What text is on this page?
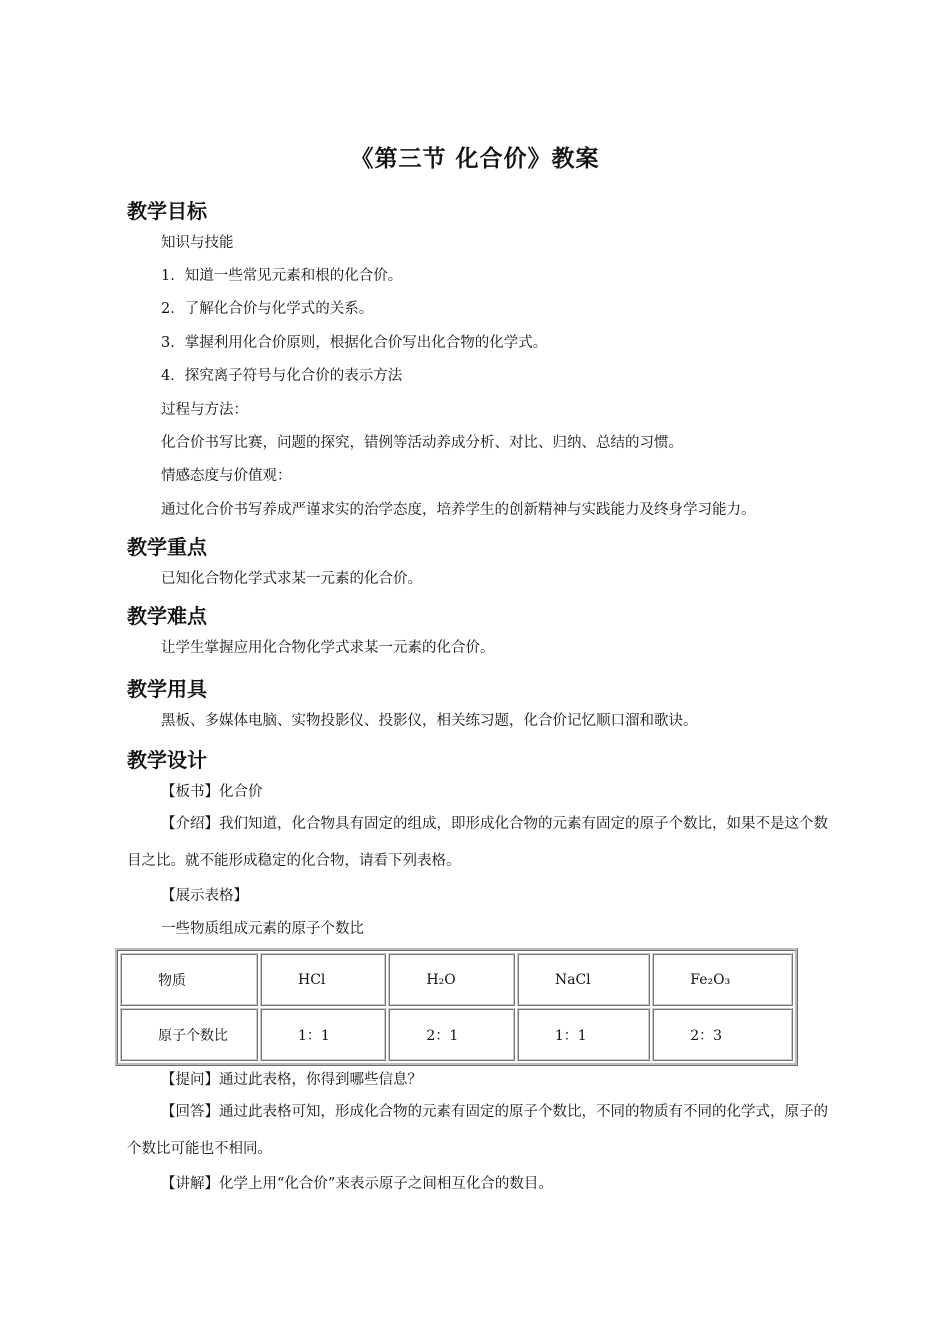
《第三节 化合价》教案
教学目标
知识与技能
1．知道一些常见元素和根的化合价。
2．了解化合价与化学式的关系。
3．掌握利用化合价原则，根据化合价写出化合物的化学式。
4．探究离子符号与化合价的表示方法
过程与方法：
化合价书写比赛，问题的探究，错例等活动养成分析、对比、归纳、总结的习惯。
情感态度与价值观：
通过化合价书写养成严谨求实的治学态度，培养学生的创新精神与实践能力及终身学习能力。
教学重点
已知化合物化学式求某一元素的化合价。
教学难点
让学生掌握应用化合物化学式求某一元素的化合价。
教学用具
黑板、多媒体电脑、实物投影仪、投影仪，相关练习题，化合价记忆顺口溜和歌诀。
教学设计
【板书】化合价
【介绍】我们知道，化合物具有固定的组成，即形成化合物的元素有固定的原子个数比，如果不是这个数目之比。就不能形成稳定的化合物，请看下列表格。
【展示表格】
一些物质组成元素的原子个数比
物质	HCl	H₂O	NaCl	Fe₂O₃
原子个数比	1：1	2：1	1：1	2：3
【提问】通过此表格，你得到哪些信息？
【回答】通过此表格可知，形成化合物的元素有固定的原子个数比，不同的物质有不同的化学式，原子的个数比可能也不相同。
【讲解】化学上用“化合价”来表示原子之间相互化合的数目。
